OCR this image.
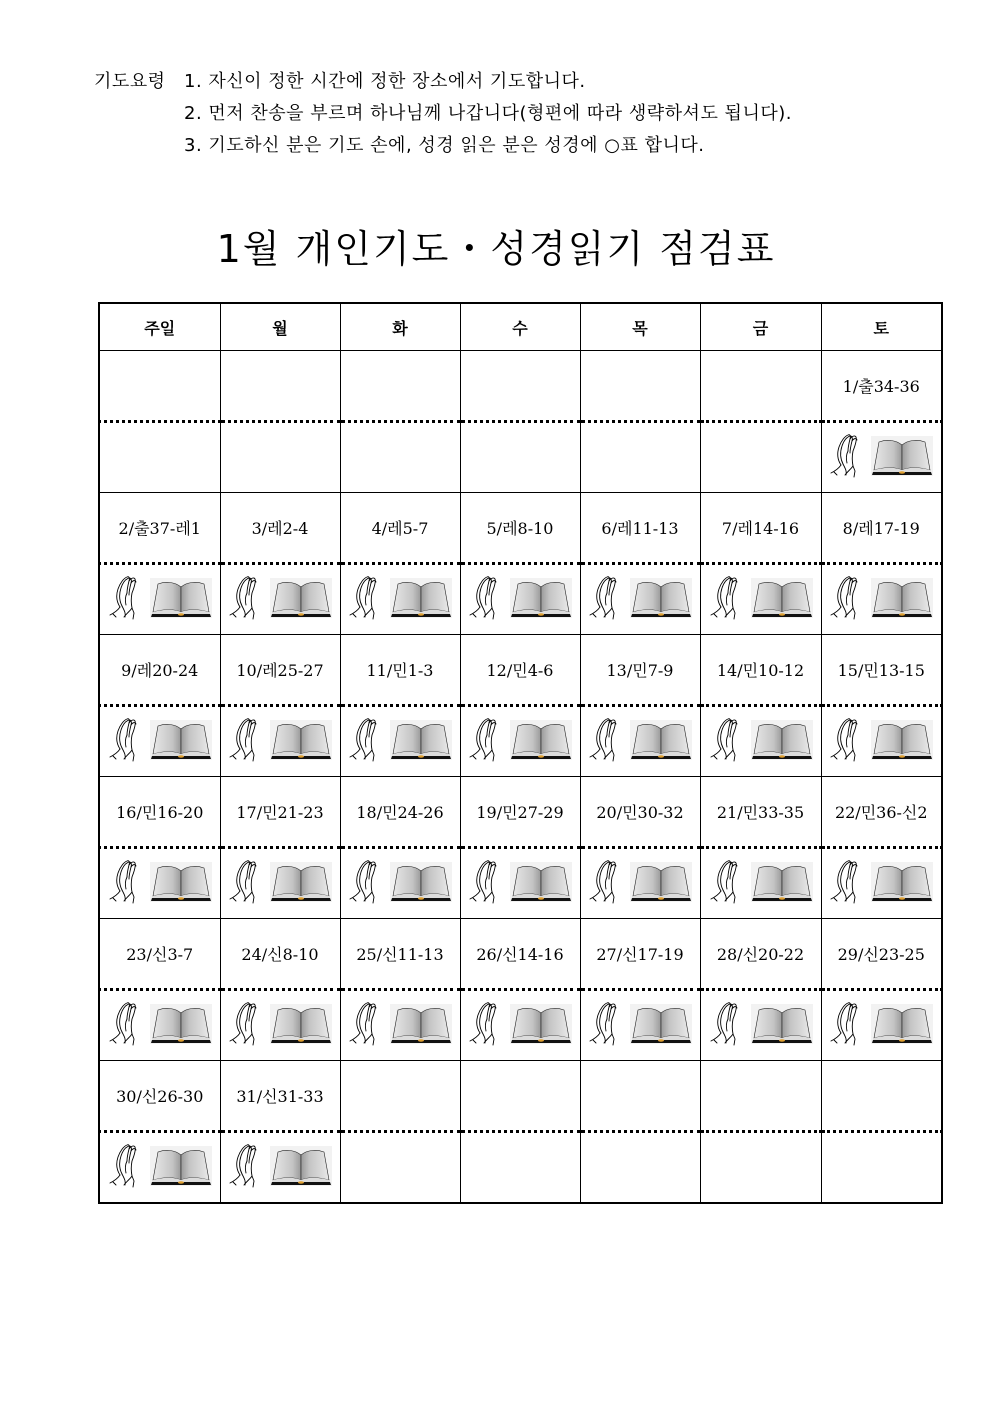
기도요령 1. 자신이 정한 시간에 정한 장소에서 기도합니다.
2. 먼저 찬송을 부르며 하나님께 나갑니다(형편에 따라 생략하셔도 됩니다).
3. 기도하신 분은 기도 손에, 성경 읽은 분은 성경에 ○표 합니다.
1월 개인기도・성경읽기 점검표
주일	월	화	수	목	금	토
						1/출34-36

2/출37-레1	3/레2-4	4/레5-7	5/레8-10	6/레11-13	7/레14-16	8/레17-19

9/레20-24	10/레25-27	11/민1-3	12/민4-6	13/민7-9	14/민10-12	15/민13-15

16/민16-20	17/민21-23	18/민24-26	19/민27-29	20/민30-32	21/민33-35	22/민36-신2

23/신3-7	24/신8-10	25/신11-13	26/신14-16	27/신17-19	28/신20-22	29/신23-25

30/신26-30	31/신31-33					
